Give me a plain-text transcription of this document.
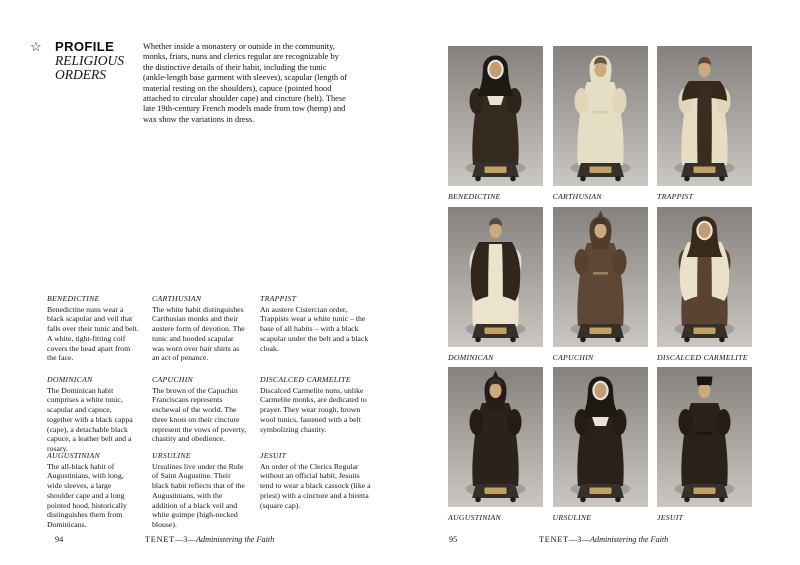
☆ PROFILE
RELIGIOUS
ORDERS
Whether inside a monastery or outside in the community, monks, friars, nuns and clerics regular are recognizable by the distinctive details of their habit, including the tunic (ankle-length base garment with sleeves), scapular (length of material resting on the shoulders), capuce (pointed hood attached to circular shoulder cape) and cincture (belt). These late 19th-century French models made from tow (hemp) and wax show the variations in dress.
BENEDICTINE
Benedictine nuns wear a black scapular and veil that falls over their tunic and belt. A white, tight-fitting coif covers the head apart from the face.
CARTHUSIAN
The white habit distinguishes Carthusian monks and their austere form of devotion. The tunic and hooded scapular was worn over hair shirts as an act of penance.
TRAPPIST
An austere Cistercian order, Trappists wear a white tunic – the base of all habits – with a black scapular under the belt and a black cloak.
DOMINICAN
The Dominican habit comprises a white tunic, scapular and capuce, together with a black cappa (cape), a detachable black capuce, a leather belt and a rosary.
CAPUCHIN
The brown of the Capuchin Franciscans represents eschewal of the world. The three knots on their cincture represent the vows of poverty, chastity and obedience.
DISCALCED CARMELITE
Discalced Carmelite nuns, unlike Carmelite monks, are dedicated to prayer. They wear rough, brown wool tunics, fastened with a belt symbolizing chastity.
AUGUSTINIAN
The all-black habit of Augustinians, with long, wide sleeves, a large shoulder cape and a long pointed hood, historically distinguishes them from Dominicans.
URSULINE
Ursulines live under the Rule of Saint Augustine. Their black habit reflects that of the Augustinians, with the addition of a black veil and white guimpe (high-necked blouse).
JESUIT
An order of the Clerics Regular without an official habit, Jesuits tend to wear a black cassock (like a priest) with a cincture and a biretta (square cap).
94	TENET—3—Administering the Faith
BENEDICTINE	CARTHUSIAN	TRAPPIST
DOMINICAN	CAPUCHIN	DISCALCED CARMELITE
AUGUSTINIAN	URSULINE	JESUIT
95	TENET—3—Administering the Faith
